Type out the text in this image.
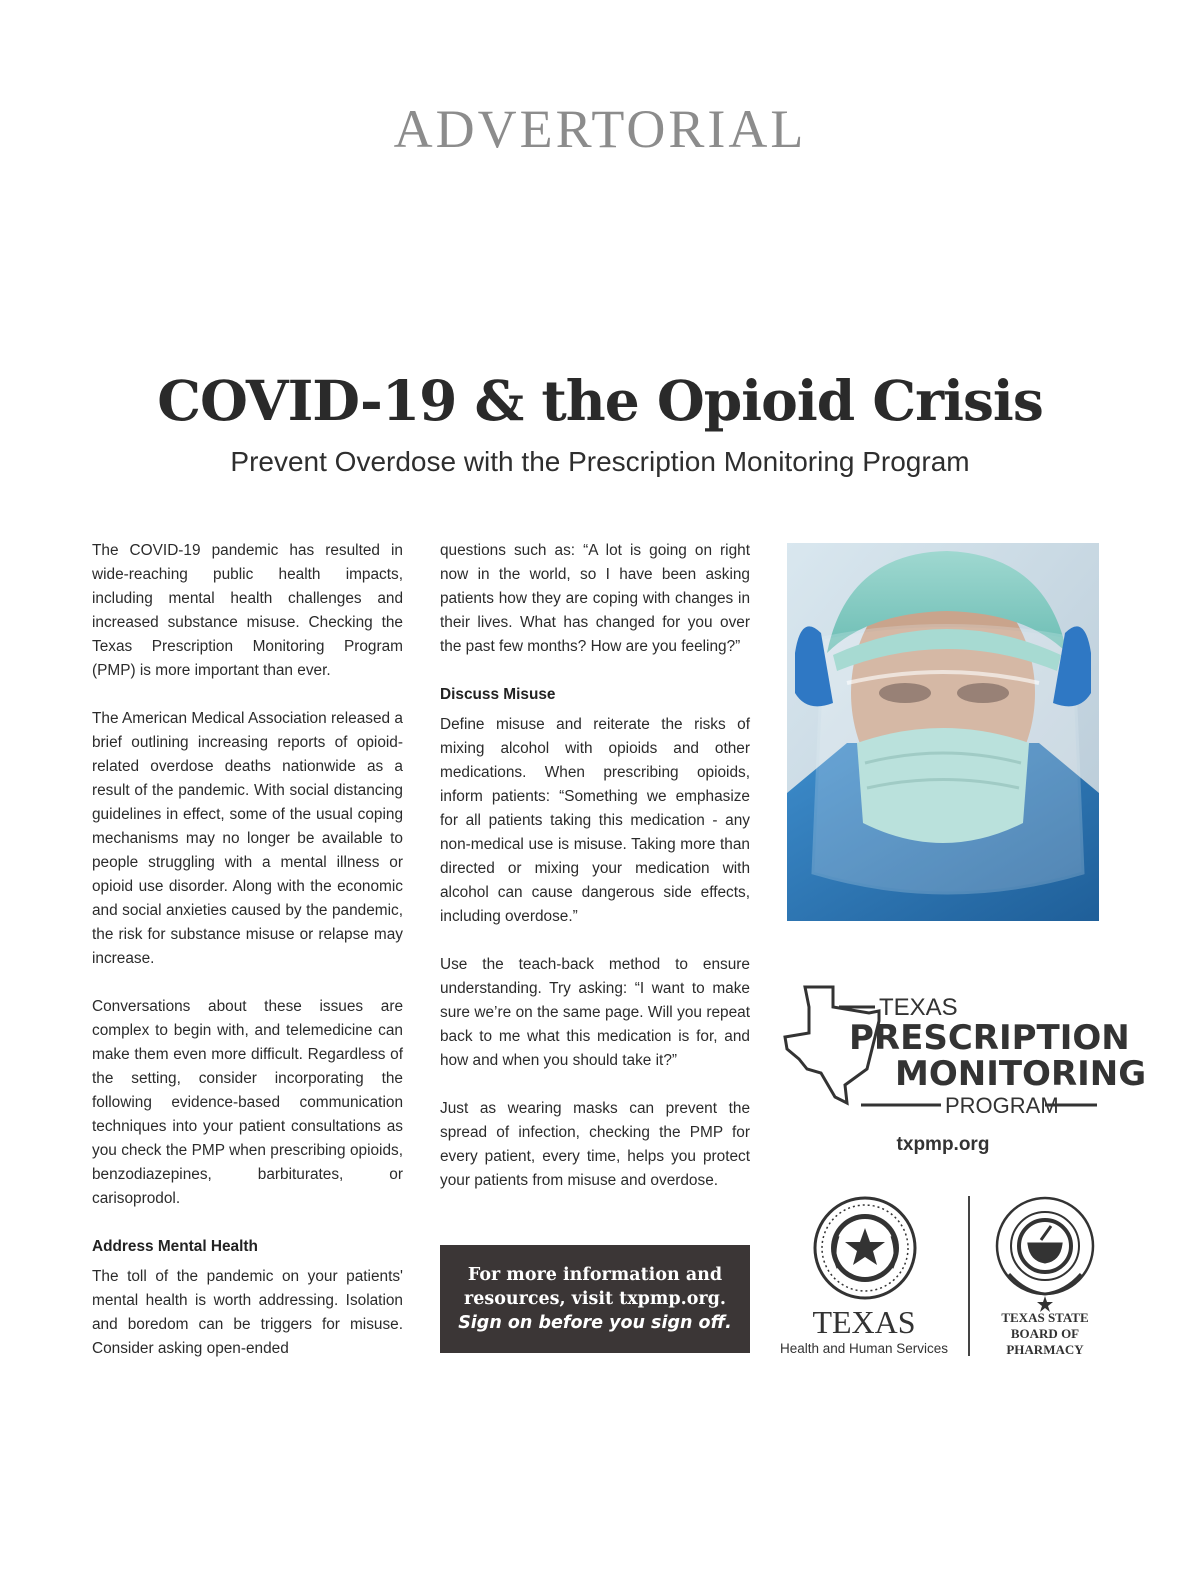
ADVERTORIAL
COVID-19 & the Opioid Crisis
Prevent Overdose with the Prescription Monitoring Program

The COVID-19 pandemic has resulted in wide-reaching public health impacts, including mental health challenges and increased substance misuse. Checking the Texas Prescription Monitoring Program (PMP) is more important than ever.

The American Medical Association released a brief outlining increasing reports of opioid-related overdose deaths nationwide as a result of the pandemic. With social distancing guidelines in effect, some of the usual coping mechanisms may no longer be available to people struggling with a mental illness or opioid use disorder. Along with the economic and social anxieties caused by the pandemic, the risk for substance misuse or relapse may increase.

Conversations about these issues are complex to begin with, and telemedicine can make them even more difficult. Regardless of the setting, consider incorporating the following evidence-based communication techniques into your patient consultations as you check the PMP when prescribing opioids, benzodiazepines, barbiturates, or carisoprodol.

Address Mental Health

The toll of the pandemic on your patients' mental health is worth addressing. Isolation and boredom can be triggers for misuse. Consider asking open-ended

questions such as: “A lot is going on right now in the world, so I have been asking patients how they are coping with changes in their lives. What has changed for you over the past few months? How are you feeling?”

Discuss Misuse

Define misuse and reiterate the risks of mixing alcohol with opioids and other medications. When prescribing opioids, inform patients: “Something we emphasize for all patients taking this medication - any non-medical use is misuse. Taking more than directed or mixing your medication with alcohol can cause dangerous side effects, including overdose.”

Use the teach-back method to ensure understanding. Try asking: “I want to make sure we’re on the same page. Will you repeat back to me what this medication is for, and how and when you should take it?”

Just as wearing masks can prevent the spread of infection, checking the PMP for every patient, every time, helps you protect your patients from misuse and overdose.

For more information and
resources, visit txpmp.org.
Sign on before you sign off.
TEXAS
PRESCRIPTION
MONITORING
PROGRAM
txpmp.org
TEXAS
Health and Human Services
TEXAS STATE
BOARD OF
PHARMACY
